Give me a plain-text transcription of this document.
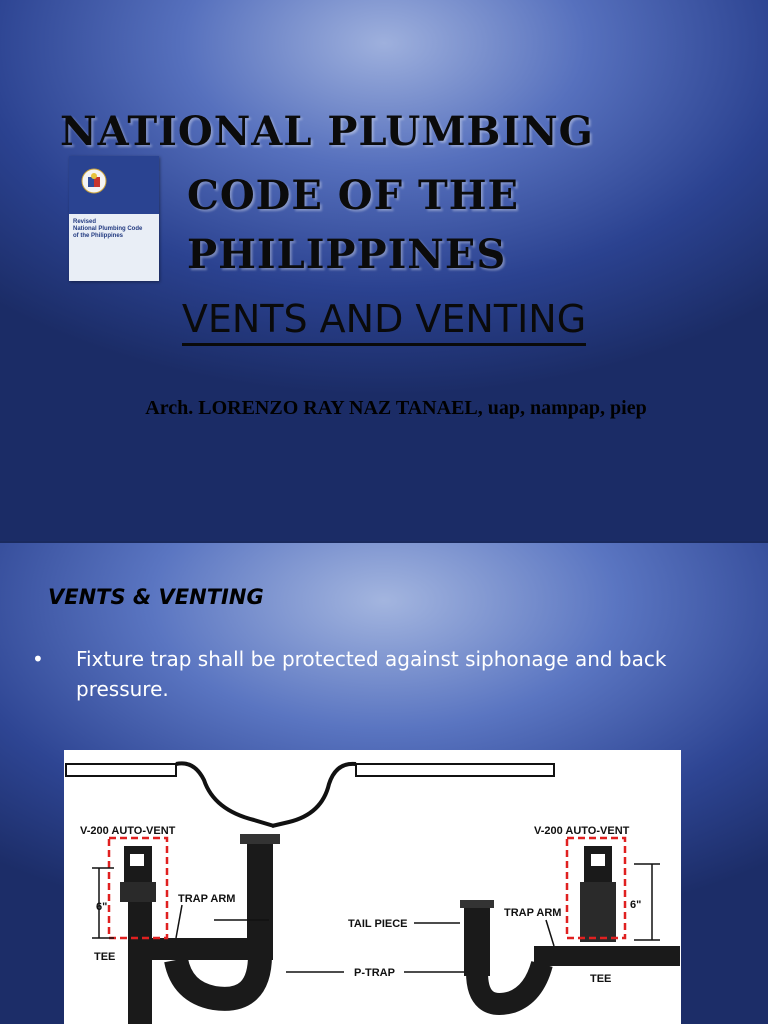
Revised
National Plumbing Code
of the Philippines
NATIONAL PLUMBING
CODE OF THE
PHILIPPINES
VENTS AND VENTING
Arch. LORENZO RAY NAZ TANAEL, uap, nampap, piep
VENTS & VENTING
• Fixture trap shall be protected against siphonage and back pressure.
V-200 AUTO-VENT	V-200 AUTO-VENT
TRAP ARM
TRAP ARM
TAIL PIECE
P-TRAP
TEE
TEE
6"	6"
